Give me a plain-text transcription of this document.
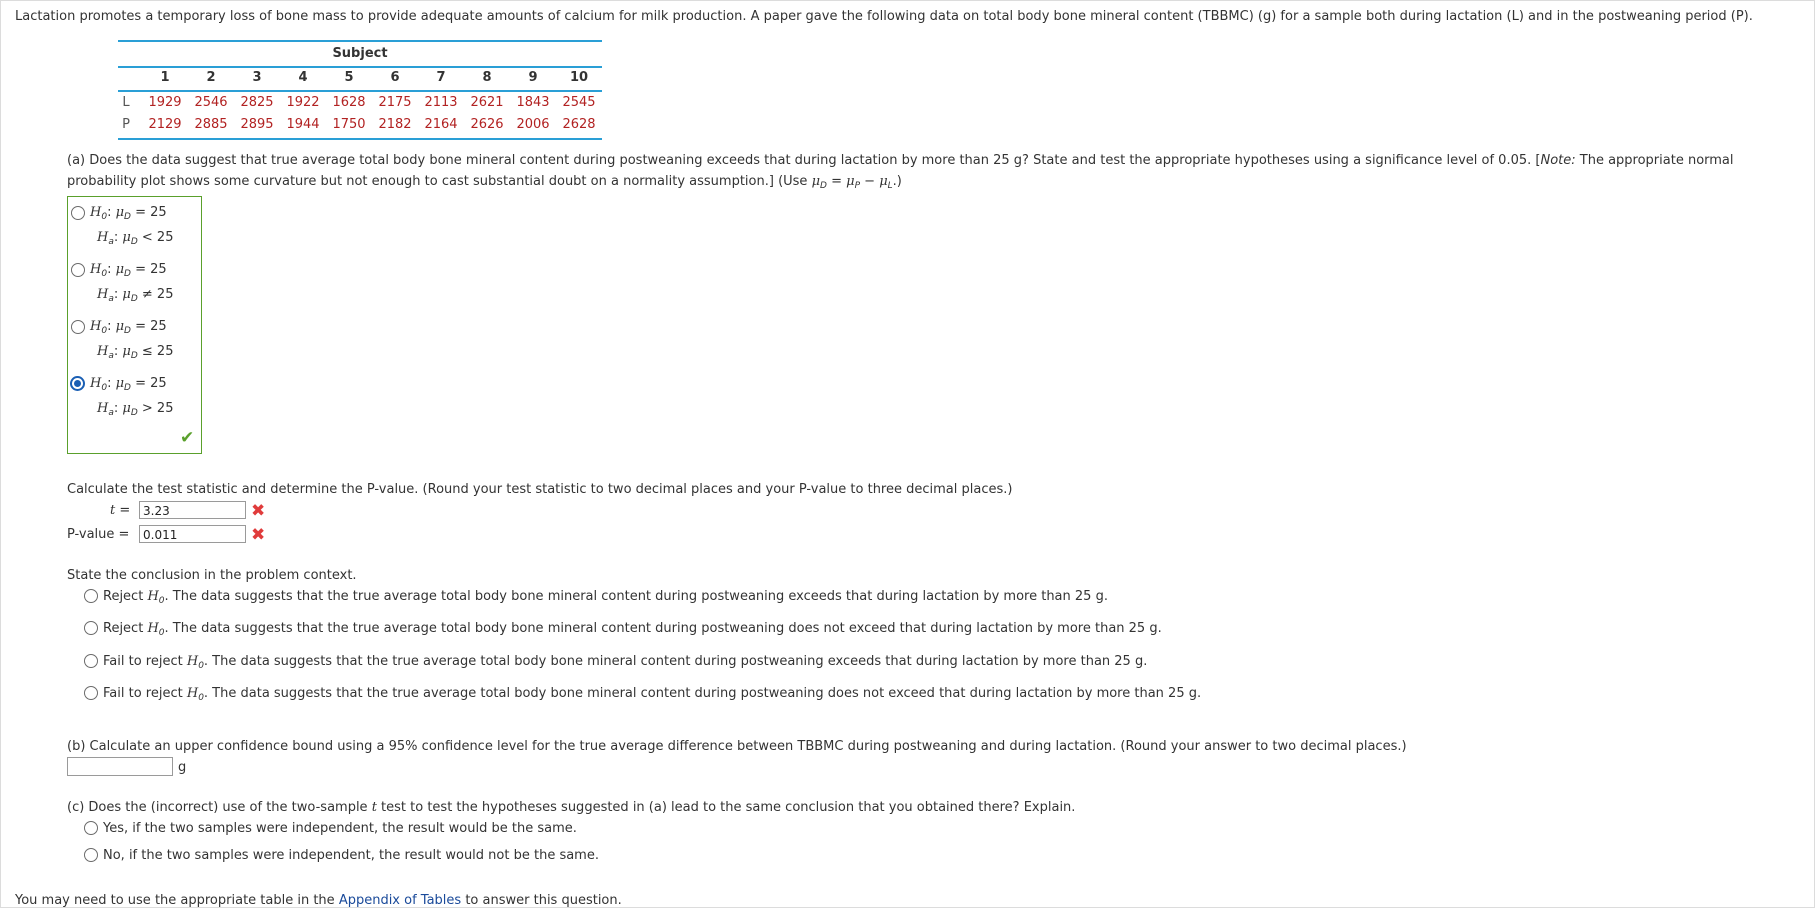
Lactation promotes a temporary loss of bone mass to provide adequate amounts of calcium for milk production. A paper gave the following data on total body bone mineral content (TBBMC) (g) for a sample both during lactation (L) and in the postweaning period (P).
Subject
1	2	3	4	5	6	7	8	9	10
L	1929 2546 2825 1922 1628 2175 2113 2621 1843 2545
P	2129 2885 2895 1944 1750 2182 2164 2626 2006 2628
(a) Does the data suggest that true average total body bone mineral content during postweaning exceeds that during lactation by more than 25 g? State and test the appropriate hypotheses using a significance level of 0.05. [Note: The appropriate normal
probability plot shows some curvature but not enough to cast substantial doubt on a normality assumption.] (Use $\mu_D = \mu_P - \mu_L$.)
$H_0$: $\mu_D = 25$
$H_a$: $\mu_D < 25$
$H_0$: $\mu_D = 25$
$H_a$: $\mu_D \ne 25$
$H_0$: $\mu_D = 25$
$H_a$: $\mu_D \le 25$
$H_0$: $\mu_D = 25$
$H_a$: $\mu_D > 25$
✔
Calculate the test statistic and determine the P-value. (Round your test statistic to two decimal places and your P-value to three decimal places.)
t =	3.23	✖
P-value =	0.011	✖
State the conclusion in the problem context.
Reject $H_0$. The data suggests that the true average total body bone mineral content during postweaning exceeds that during lactation by more than 25 g.
Reject $H_0$. The data suggests that the true average total body bone mineral content during postweaning does not exceed that during lactation by more than 25 g.
Fail to reject $H_0$. The data suggests that the true average total body bone mineral content during postweaning exceeds that during lactation by more than 25 g.
Fail to reject $H_0$. The data suggests that the true average total body bone mineral content during postweaning does not exceed that during lactation by more than 25 g.
(b) Calculate an upper confidence bound using a 95% confidence level for the true average difference between TBBMC during postweaning and during lactation. (Round your answer to two decimal places.)
g
(c) Does the (incorrect) use of the two-sample t test to test the hypotheses suggested in (a) lead to the same conclusion that you obtained there? Explain.
Yes, if the two samples were independent, the result would be the same.
No, if the two samples were independent, the result would not be the same.
You may need to use the appropriate table in the Appendix of Tables to answer this question.
